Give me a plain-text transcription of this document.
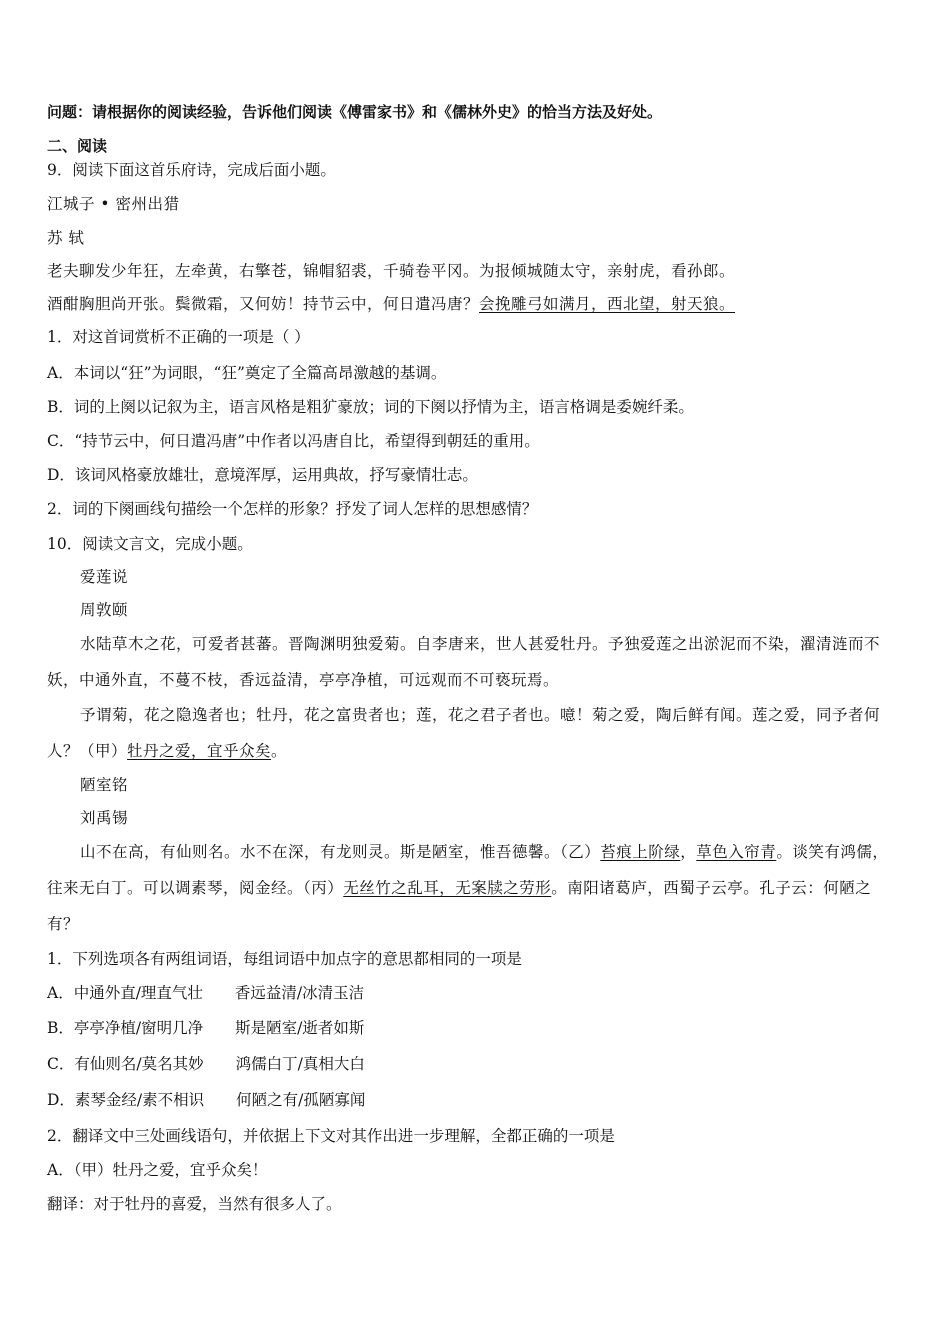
问题：请根据你的阅读经验，告诉他们阅读《傅雷家书》和《儒林外史》的恰当方法及好处。
二、阅读
9．阅读下面这首乐府诗，完成后面小题。
江城子 • 密州出猎
苏 轼
老夫聊发少年狂，左牵黄，右擎苍，锦帽貂裘，千骑卷平冈。为报倾城随太守，亲射虎，看孙郎。
酒酣胸胆尚开张。鬓微霜，又何妨！持节云中，何日遣冯唐？会挽雕弓如满月，西北望，射天狼。
1．对这首词赏析不正确的一项是（ ）
A．本词以“狂”为词眼，“狂”奠定了全篇高昂激越的基调。
B．词的上阕以记叙为主，语言风格是粗犷豪放；词的下阕以抒情为主，语言格调是委婉纤柔。
C．“持节云中，何日遣冯唐”中作者以冯唐自比，希望得到朝廷的重用。
D．该词风格豪放雄壮，意境浑厚，运用典故，抒写豪情壮志。
2．词的下阕画线句描绘一个怎样的形象？抒发了词人怎样的思想感情？
10．阅读文言文，完成小题。
爱莲说
周敦颐
水陆草木之花，可爱者甚蕃。晋陶渊明独爱菊。自李唐来，世人甚爱牡丹。予独爱莲之出淤泥而不染，濯清涟而不
妖，中通外直，不蔓不枝，香远益清，亭亭净植，可远观而不可亵玩焉。
予谓菊，花之隐逸者也；牡丹，花之富贵者也；莲，花之君子者也。噫！菊之爱，陶后鲜有闻。莲之爱，同予者何
人？（甲）牡丹之爱，宜乎众矣。
陋室铭
刘禹锡
山不在高，有仙则名。水不在深，有龙则灵。斯是陋室，惟吾德馨。（乙）苔痕上阶绿，草色入帘青。谈笑有鸿儒，
往来无白丁。可以调素琴，阅金经。（丙）无丝竹之乱耳，无案牍之劳形。南阳诸葛庐，西蜀子云亭。孔子云：何陋之
有？
1．下列选项各有两组词语，每组词语中加点字的意思都相同的一项是
A．中通外直/理直气壮 香远益清/冰清玉洁
B．亭亭净植/窗明几净 斯是陋室/逝者如斯
C．有仙则名/莫名其妙 鸿儒白丁/真相大白
D．素琴金经/素不相识 何陋之有/孤陋寡闻
2．翻译文中三处画线语句，并依据上下文对其作出进一步理解，全都正确的一项是
A．（甲）牡丹之爱，宜乎众矣！
翻译：对于牡丹的喜爱，当然有很多人了。
